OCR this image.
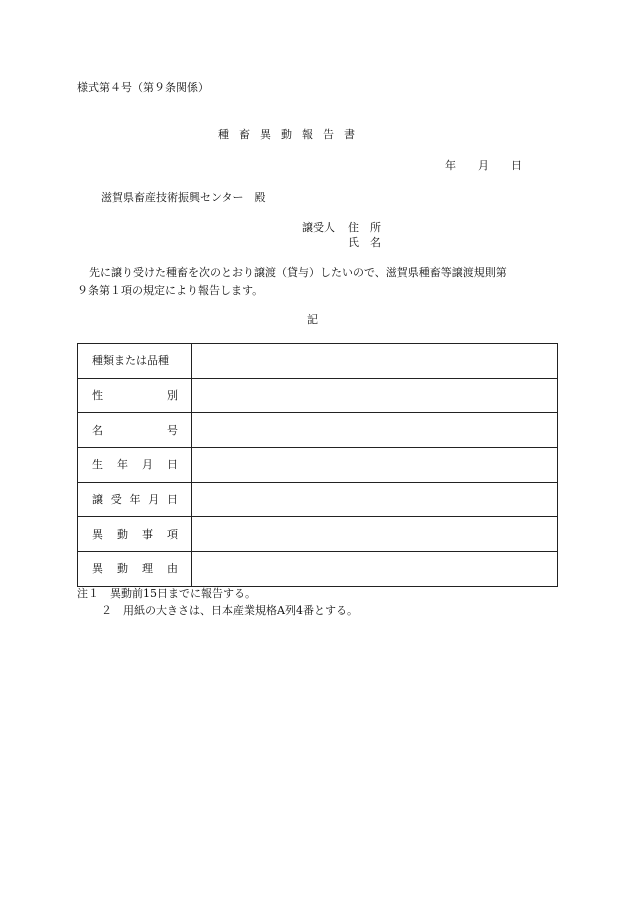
様式第４号（第９条関係）
種畜異動報告書
年 月 日
滋賀県畜産技術振興センター　殿
譲受人 住　所
氏　名
先に譲り受けた種畜を次のとおり譲渡（貸与）したいので、滋賀県種畜等譲渡規則第
９条第１項の規定により報告します。
記
種類または品種	

性 別	

名 号	

生 年 月 日	

譲 受 年 月 日	

異 動 事 項	

異 動 理 由	

注１　異動前15日までに報告する。
２　用紙の大きさは、日本産業規格A列4番とする。
